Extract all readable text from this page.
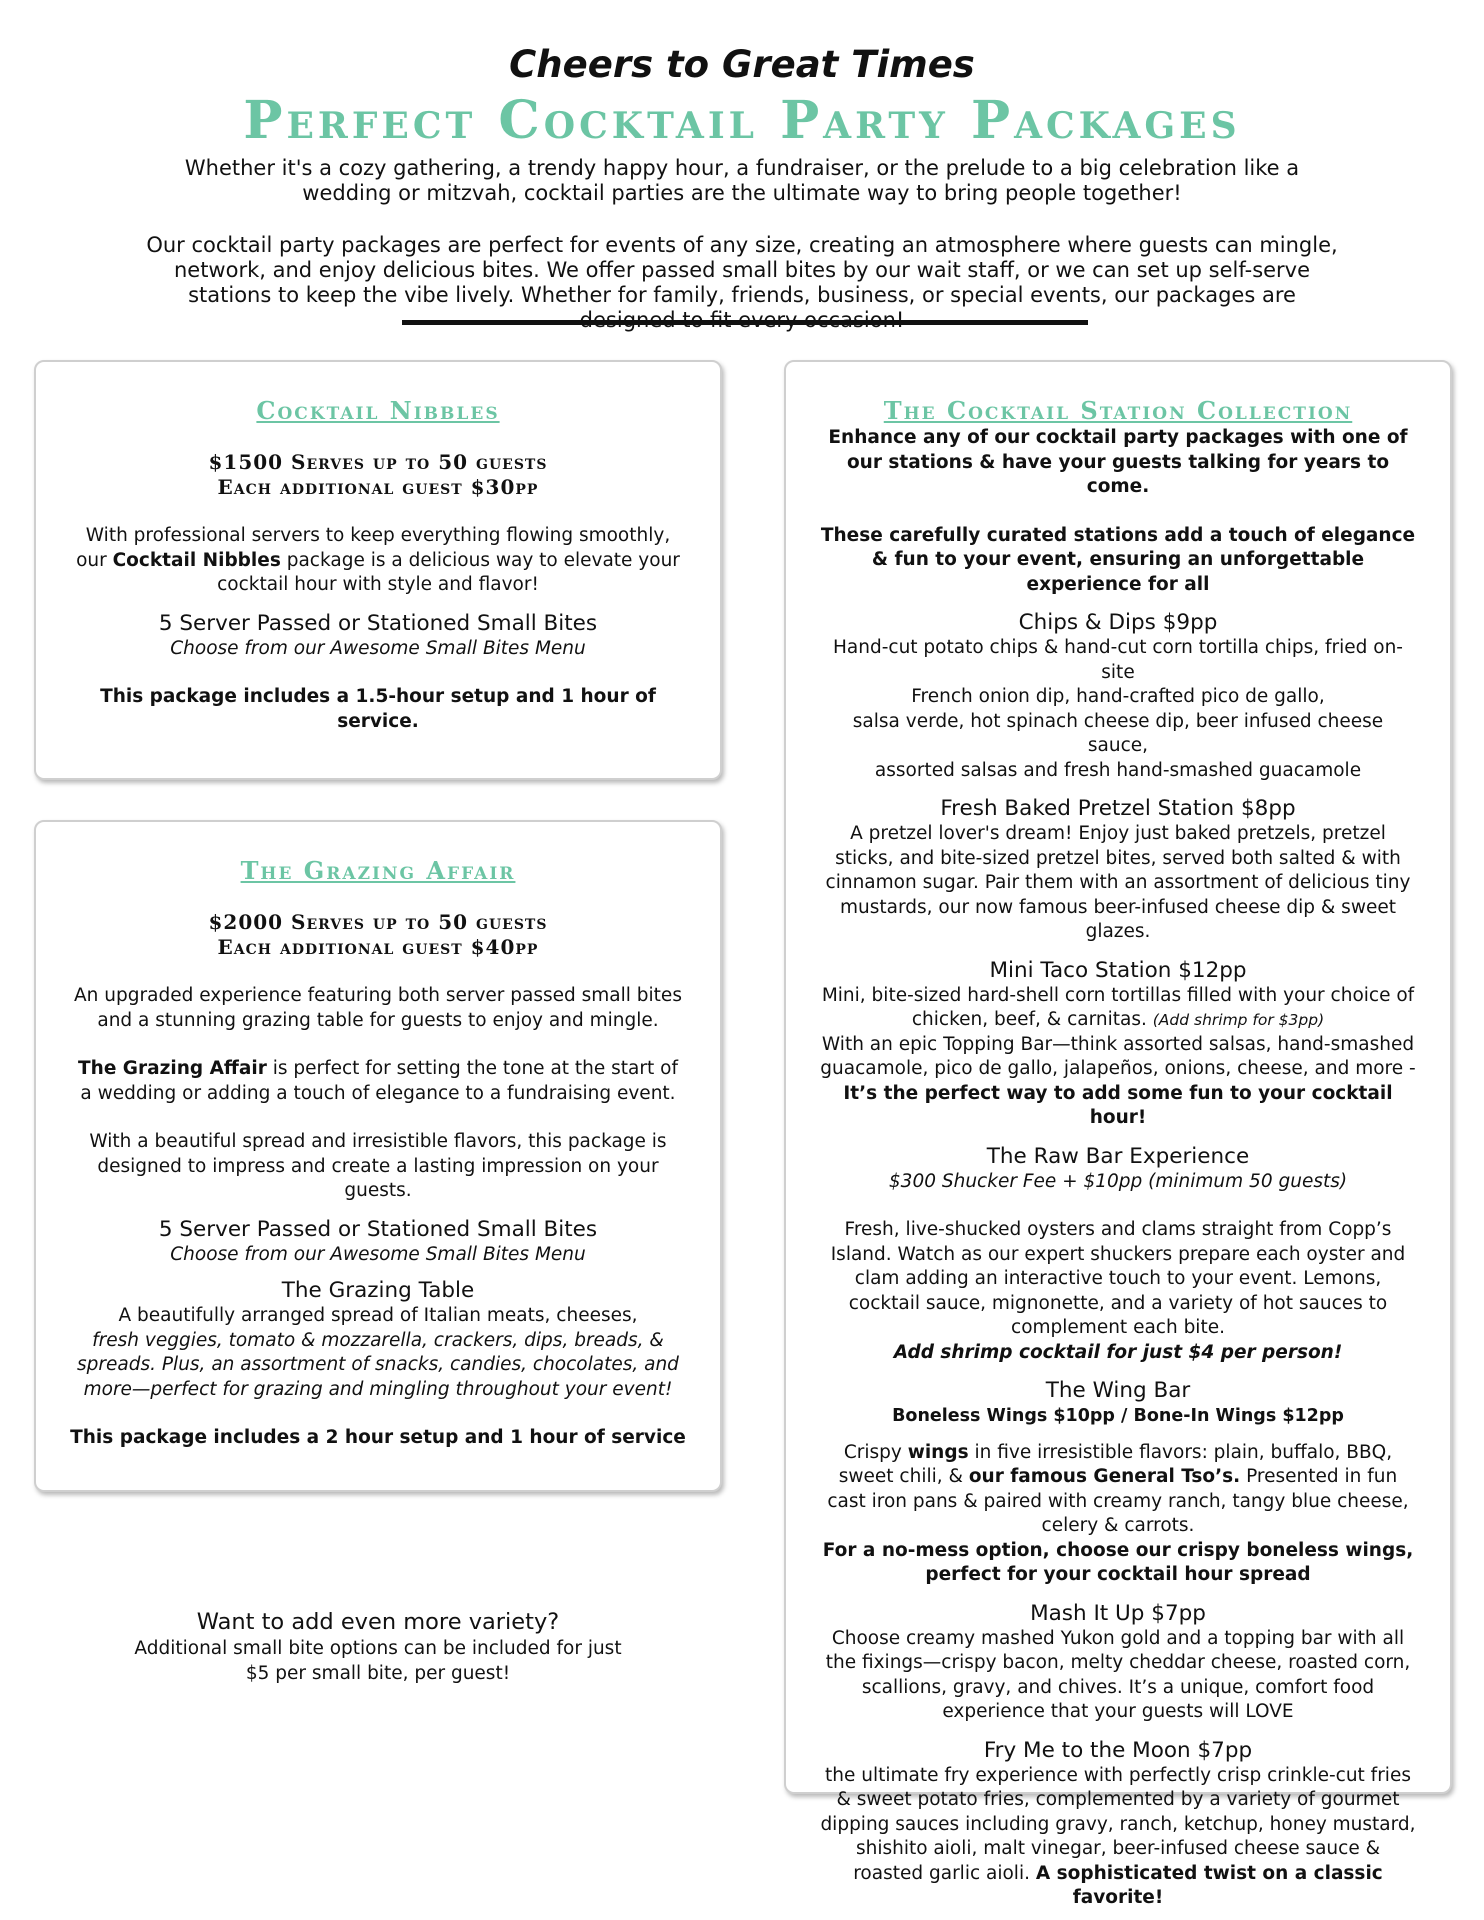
Cheers to Great Times
Perfect Cocktail Party Packages

Whether it's a cozy gathering, a trendy happy hour, a fundraiser, or the prelude to a big celebration like a wedding or mitzvah, cocktail parties are the ultimate way to bring people together!

Our cocktail party packages are perfect for events of any size, creating an atmosphere where guests can mingle, network, and enjoy delicious bites. We offer passed small bites by our wait staff, or we can set up self-serve stations to keep the vibe lively. Whether for family, friends, business, or special events, our packages are

Cocktail Nibbles
$1500 Serves up to 50 guests
Each additional guest $30pp
With professional servers to keep everything flowing smoothly, our Cocktail Nibbles package is a delicious way to elevate your cocktail hour with style and flavor!
5 Server Passed or Stationed Small Bites
Choose from our Awesome Small Bites Menu
This package includes a 1.5-hour setup and 1 hour of service.
The Grazing Affair
$2000 Serves up to 50 guests
Each additional guest $40pp
An upgraded experience featuring both server passed small bites and a stunning grazing table for guests to enjoy and mingle.
The Grazing Affair is perfect for setting the tone at the start of a wedding or adding a touch of elegance to a fundraising event.
With a beautiful spread and irresistible flavors, this package is designed to impress and create a lasting impression on your guests.
5 Server Passed or Stationed Small Bites
Choose from our Awesome Small Bites Menu
The Grazing Table
A beautifully arranged spread of Italian meats, cheeses,
fresh veggies, tomato & mozzarella, crackers, dips, breads, & spreads. Plus, an assortment of snacks, candies, chocolates, and more—perfect for grazing and mingling throughout your event!
This package includes a 2 hour setup and 1 hour of service
Want to add even more variety?
Additional small bite options can be included for just $5 per small bite, per guest!
The Cocktail Station Collection
Enhance any of our cocktail party packages with one of our stations & have your guests talking for years to come.
These carefully curated stations add a touch of elegance & fun to your event, ensuring an unforgettable experience for all
Chips & Dips $9pp
Hand-cut potato chips & hand-cut corn tortilla chips, fried on-site
French onion dip, hand-crafted pico de gallo,
salsa verde, hot spinach cheese dip, beer infused cheese sauce,
assorted salsas and fresh hand-smashed guacamole
Fresh Baked Pretzel Station $8pp
A pretzel lover's dream! Enjoy just baked pretzels, pretzel sticks, and bite-sized pretzel bites, served both salted & with cinnamon sugar. Pair them with an assortment of delicious tiny mustards, our now famous beer-infused cheese dip & sweet glazes.
Mini Taco Station $12pp
Mini, bite-sized hard-shell corn tortillas filled with your choice of
chicken, beef, & carnitas. (Add shrimp for $3pp)
With an epic Topping Bar—think assorted salsas, hand-smashed guacamole, pico de gallo, jalapeños, onions, cheese, and more -
It’s the perfect way to add some fun to your cocktail hour!
The Raw Bar Experience
$300 Shucker Fee + $10pp (minimum 50 guests)
Fresh, live-shucked oysters and clams straight from Copp’s Island. Watch as our expert shuckers prepare each oyster and clam adding an interactive touch to your event. Lemons, cocktail sauce, mignonette, and a variety of hot sauces to complement each bite.
Add shrimp cocktail for just $4 per person!
The Wing Bar
Boneless Wings $10pp / Bone-In Wings $12pp
Crispy wings in five irresistible flavors: plain, buffalo, BBQ, sweet chili, & our famous General Tso’s. Presented in fun cast iron pans & paired with creamy ranch, tangy blue cheese, celery & carrots.
For a no-mess option, choose our crispy boneless wings, perfect for your cocktail hour spread
Mash It Up $7pp
Choose creamy mashed Yukon gold and a topping bar with all the fixings—crispy bacon, melty cheddar cheese, roasted corn, scallions, gravy, and chives. It’s a unique, comfort food experience that your guests will LOVE
Fry Me to the Moon $7pp
the ultimate fry experience with perfectly crisp crinkle-cut fries & sweet potato fries, complemented by a variety of gourmet dipping sauces including gravy, ranch, ketchup, honey mustard, shishito aioli, malt vinegar, beer-infused cheese sauce & roasted garlic aioli. A sophisticated twist on a classic favorite!
